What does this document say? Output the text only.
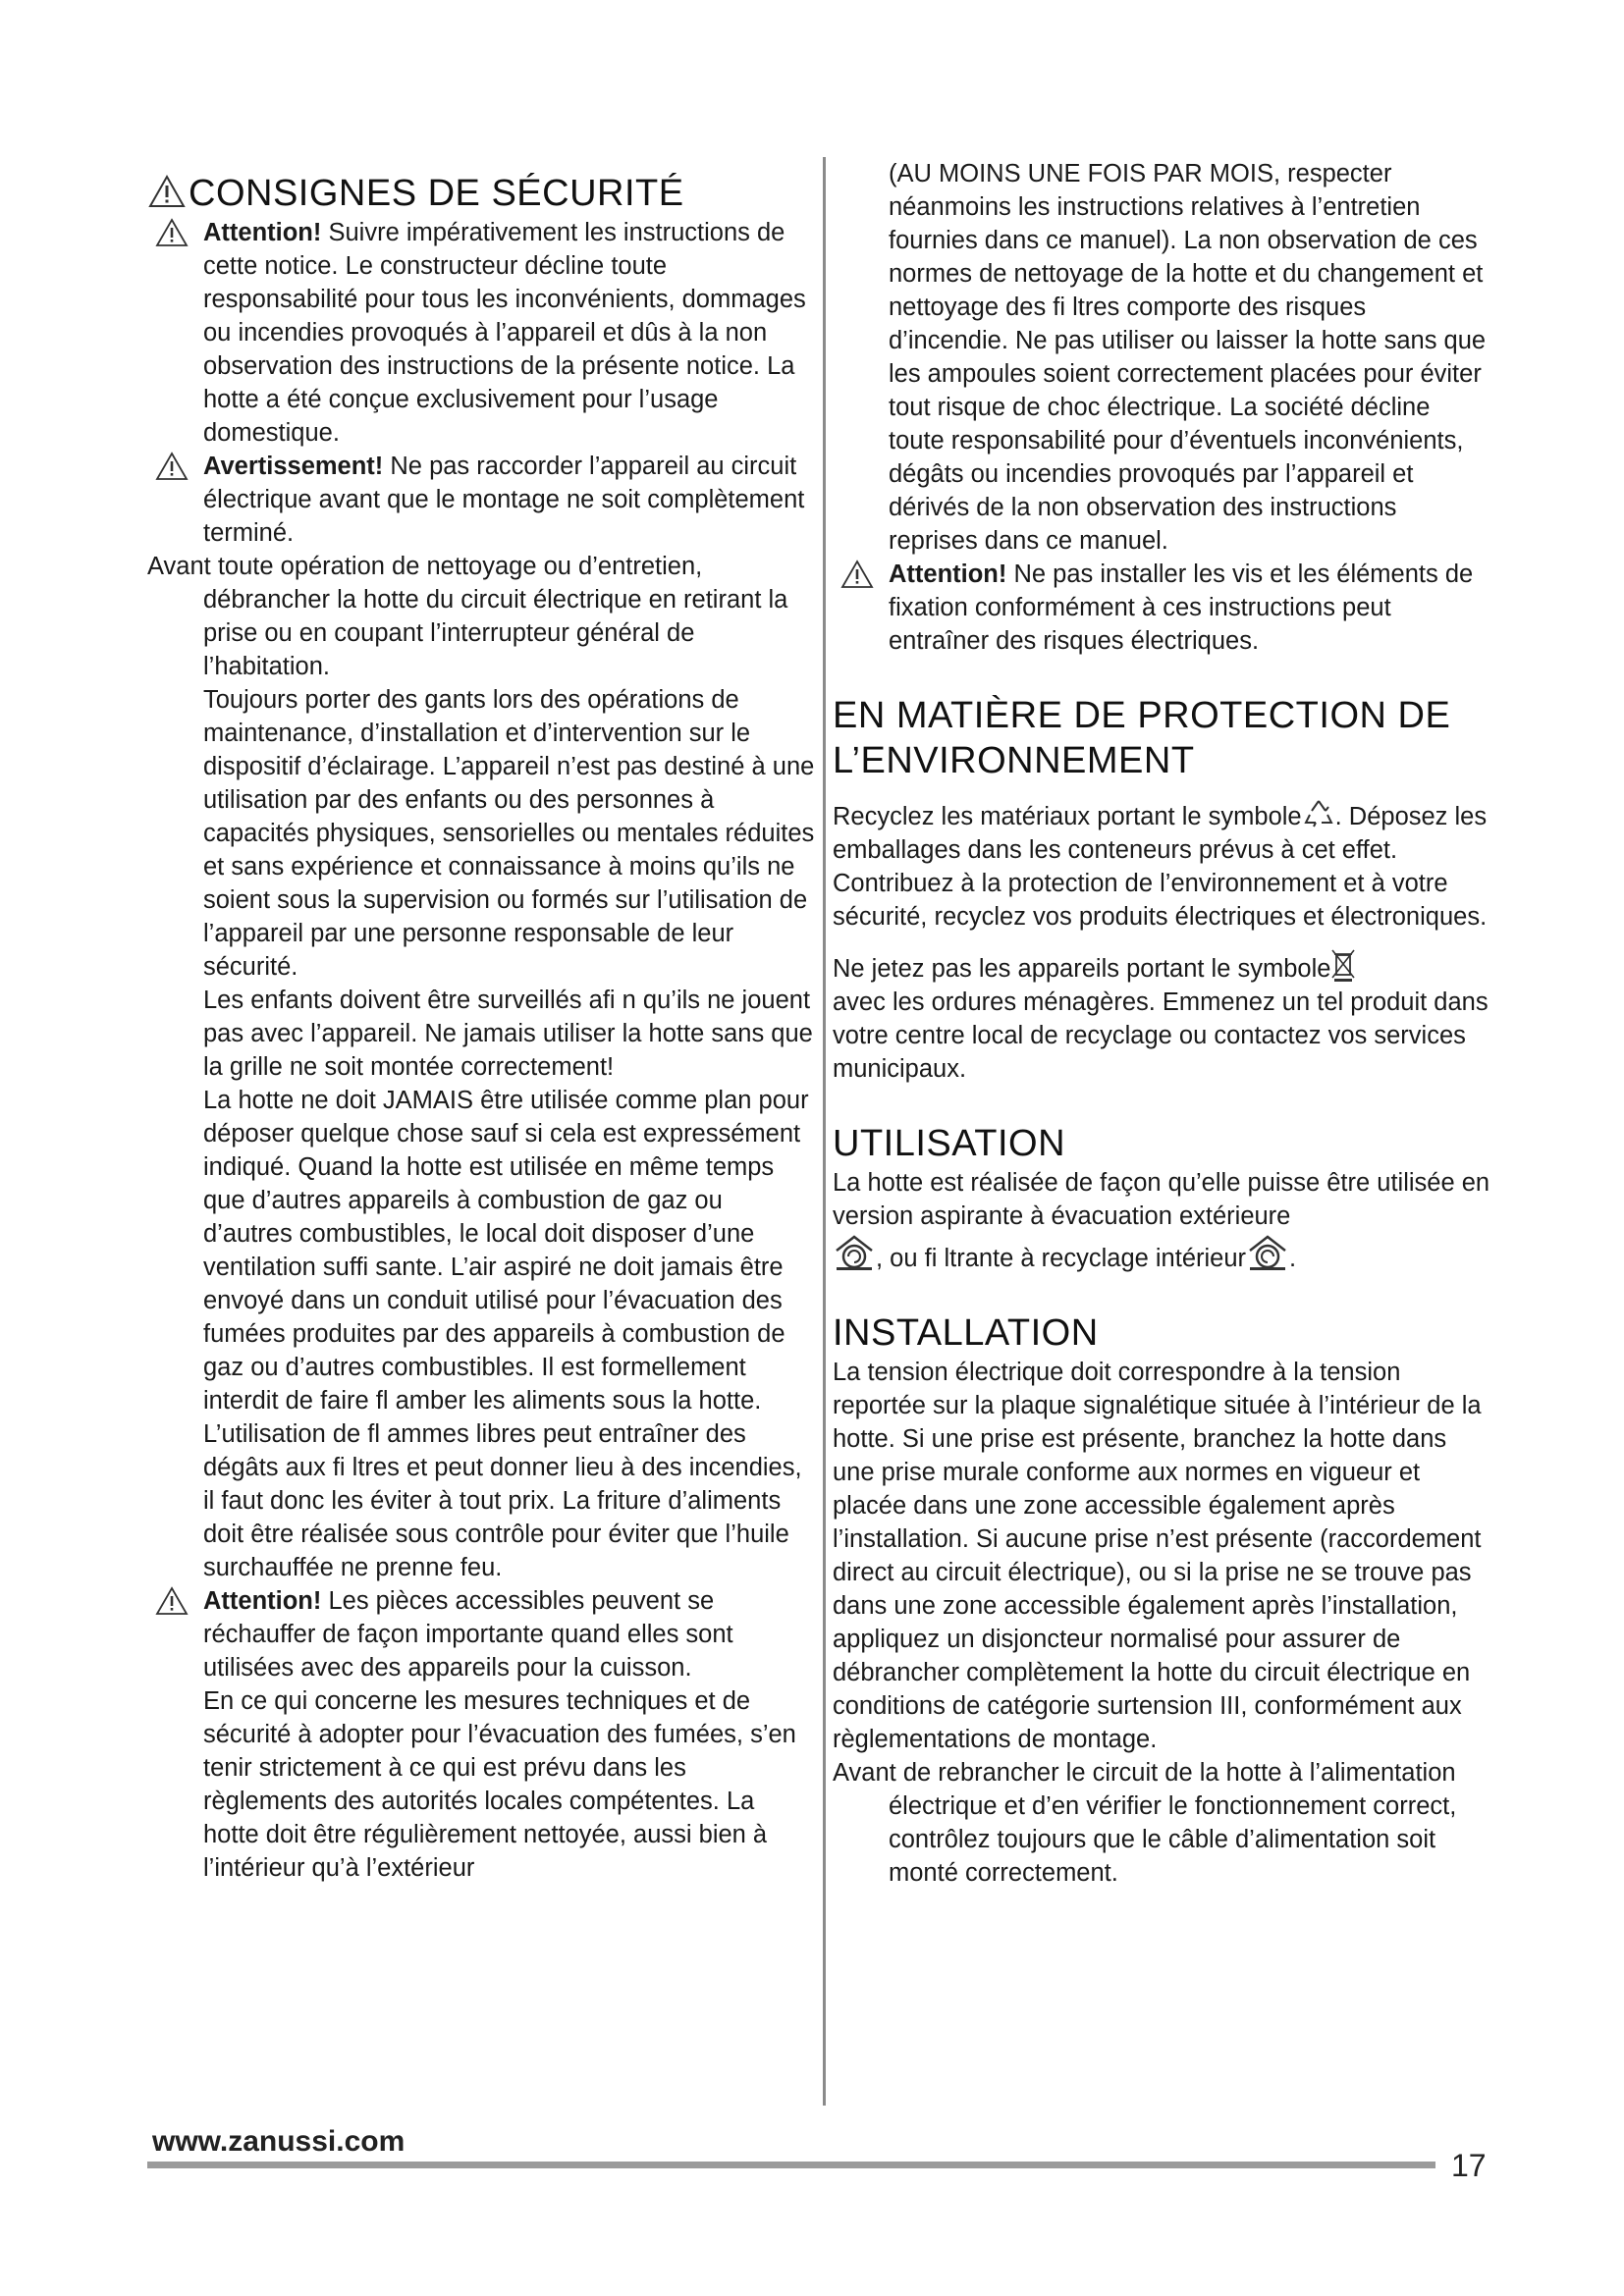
CONSIGNES DE SÉCURITÉ

Attention! Suivre impérativement les instructions de cette notice. Le constructeur décline toute responsabilité pour tous les inconvénients, dommages ou incendies provoqués à l’appareil et dûs à la non observation des instructions de la présente notice. La hotte a été conçue exclusivement pour l’usage domestique.

Avertissement! Ne pas raccorder l’appareil au circuit électrique avant que le montage ne soit complètement terminé.

Avant toute opération de nettoyage ou d’entretien, débrancher la hotte du circuit électrique en retirant la prise ou en coupant l’interrupteur général de l’habitation.

Toujours porter des gants lors des opérations de maintenance, d’installation et d’intervention sur le dispositif d’éclairage. L’appareil n’est pas destiné à une utilisation par des enfants ou des personnes à capacités physiques, sensorielles ou mentales réduites et sans expérience et connaissance à moins qu’ils ne soient sous la supervision ou formés sur l’utilisation de l’appareil par une personne responsable de leur sécurité.

Les enfants doivent être surveillés afi n qu’ils ne jouent pas avec l’appareil. Ne jamais utiliser la hotte sans que la grille ne soit montée correctement!

La hotte ne doit JAMAIS être utilisée comme plan pour déposer quelque chose sauf si cela est expressément indiqué. Quand la hotte est utilisée en même temps que d’autres appareils à combustion de gaz ou d’autres combustibles, le local doit disposer d’une ventilation suffi sante. L’air aspiré ne doit jamais être envoyé dans un conduit utilisé pour l’évacuation des fumées produites par des appareils à combustion de gaz ou d’autres combustibles. Il est formellement interdit de faire fl amber les aliments sous la hotte. L’utilisation de fl ammes libres peut entraîner des dégâts aux fi ltres et peut donner lieu à des incendies, il faut donc les éviter à tout prix. La friture d’aliments doit être réalisée sous contrôle pour éviter que l’huile surchauffée ne prenne feu.

Attention! Les pièces accessibles peuvent se réchauffer de façon importante quand elles sont utilisées avec des appareils pour la cuisson.

En ce qui concerne les mesures techniques et de sécurité à adopter pour l’évacuation des fumées, s’en tenir strictement à ce qui est prévu dans les règlements des autorités locales compétentes. La hotte doit être régulièrement nettoyée, aussi bien à l’intérieur qu’à l’extérieur

(AU MOINS UNE FOIS PAR MOIS, respecter néanmoins les instructions relatives à l’entretien fournies dans ce manuel). La non observation de ces normes de nettoyage de la hotte et du changement et nettoyage des fi ltres comporte des risques d’incendie. Ne pas utiliser ou laisser la hotte sans que les ampoules soient correctement placées pour éviter tout risque de choc électrique. La société décline toute responsabilité pour d’éventuels inconvénients, dégâts ou incendies provoqués par l’appareil et dérivés de la non observation des instructions reprises dans ce manuel.

Attention! Ne pas installer les vis et les éléments de fixation conformément à ces instructions peut entraîner des risques électriques.

EN MATIÈRE DE PROTECTION DE L’ENVIRONNEMENT

Recyclez les matériaux portant le symbole . Déposez les emballages dans les conteneurs prévus à cet effet. Contribuez à la protection de l’environnement et à votre sécurité, recyclez vos produits électriques et électroniques.

Ne jetez pas les appareils portant le symbole
avec les ordures ménagères. Emmenez un tel produit dans votre centre local de recyclage ou contactez vos services municipaux.

UTILISATION

La hotte est réalisée de façon qu’elle puisse être utilisée en version aspirante à évacuation extérieure
, ou fi ltrante à recyclage intérieur .

INSTALLATION

La tension électrique doit correspondre à la tension reportée sur la plaque signalétique située à l’intérieur de la hotte. Si une prise est présente, branchez la hotte dans une prise murale conforme aux normes en vigueur et placée dans une zone accessible également après l’installation. Si aucune prise n’est présente (raccordement direct au circuit électrique), ou si la prise ne se trouve pas dans une zone accessible également après l’installation, appliquez un disjoncteur normalisé pour assurer de débrancher complètement la hotte du circuit électrique en conditions de catégorie surtension III, conformément aux règlementations de montage.

Avant de rebrancher le circuit de la hotte à l’alimentation électrique et d’en vérifier le fonctionnement correct, contrôlez toujours que le câble d’alimentation soit monté correctement.

www.zanussi.com

17
